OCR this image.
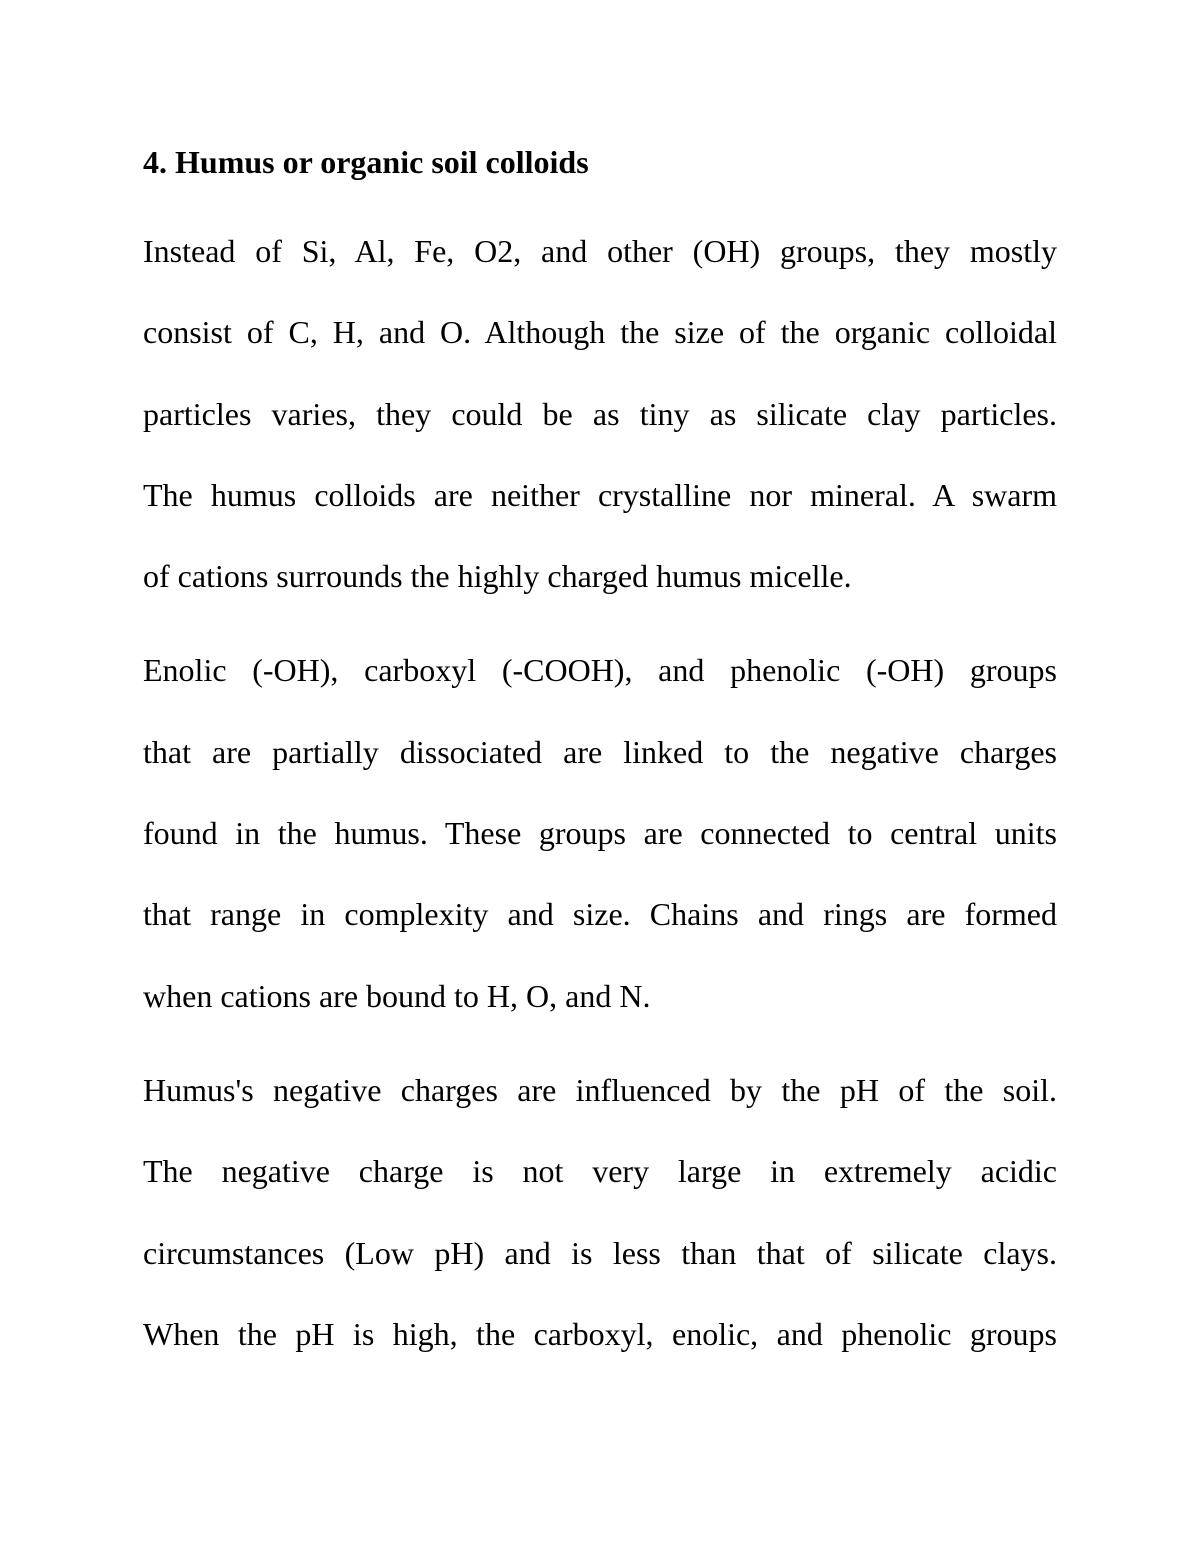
4. Humus or organic soil colloids
Instead of Si, Al, Fe, O2, and other (OH) groups, they mostly
consist of C, H, and O. Although the size of the organic colloidal
particles varies, they could be as tiny as silicate clay particles.
The humus colloids are neither crystalline nor mineral. A swarm
of cations surrounds the highly charged humus micelle.
Enolic (-OH), carboxyl (-COOH), and phenolic (-OH) groups
that are partially dissociated are linked to the negative charges
found in the humus. These groups are connected to central units
that range in complexity and size. Chains and rings are formed
when cations are bound to H, O, and N.
Humus's negative charges are influenced by the pH of the soil.
The negative charge is not very large in extremely acidic
circumstances (Low pH) and is less than that of silicate clays.
When the pH is high, the carboxyl, enolic, and phenolic groups
